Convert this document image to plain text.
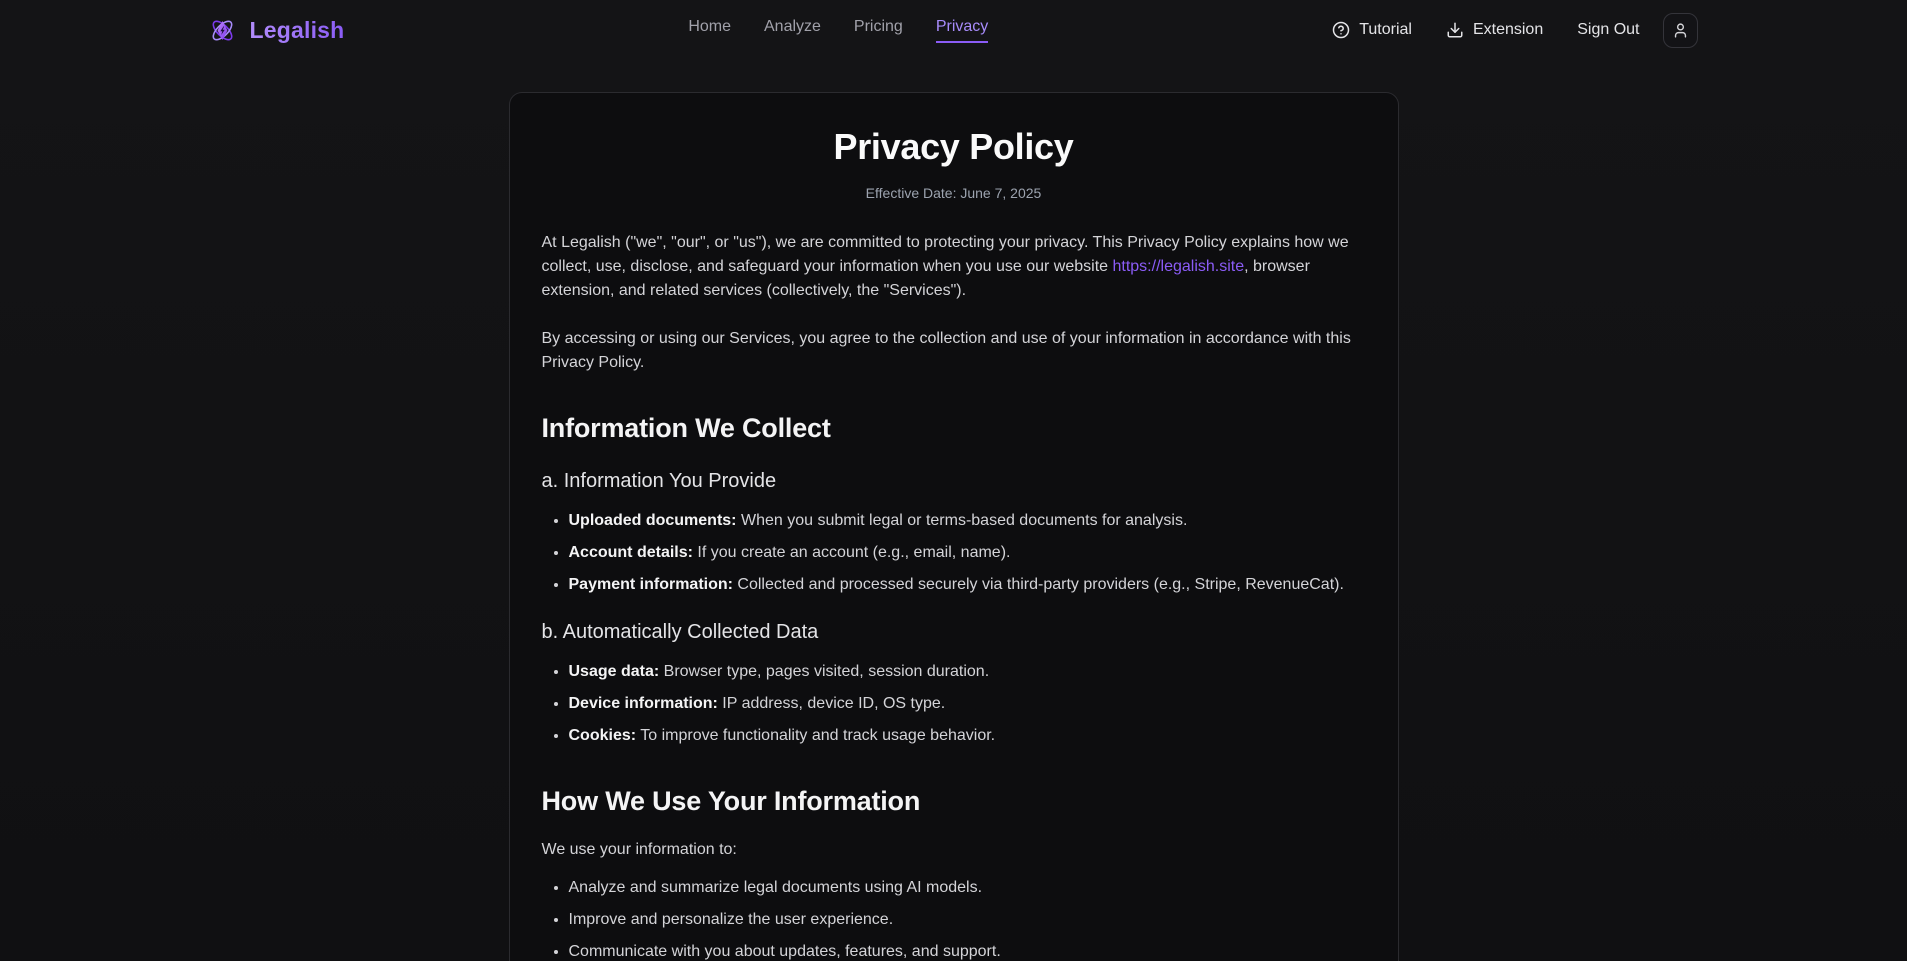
Legalish	Home Analyze Pricing Privacy	Tutorial	Extension Sign Out
Privacy Policy

Effective Date: June 7, 2025

At Legalish ("we", "our", or "us"), we are committed to protecting your privacy. This Privacy Policy explains how we collect, use, disclose, and safeguard your information when you use our website https://legalish.site, browser extension, and related services (collectively, the "Services").

By accessing or using our Services, you agree to the collection and use of your information in accordance with this Privacy Policy.

Information We Collect
a. Information You Provide
• Uploaded documents: When you submit legal or terms-based documents for analysis.
• Account details: If you create an account (e.g., email, name).
• Payment information: Collected and processed securely via third-party providers (e.g., Stripe, RevenueCat).
b. Automatically Collected Data
• Usage data: Browser type, pages visited, session duration.
• Device information: IP address, device ID, OS type.
• Cookies: To improve functionality and track usage behavior.
How We Use Your Information

We use your information to:

• Analyze and summarize legal documents using AI models.
• Improve and personalize the user experience.
• Communicate with you about updates, features, and support.
